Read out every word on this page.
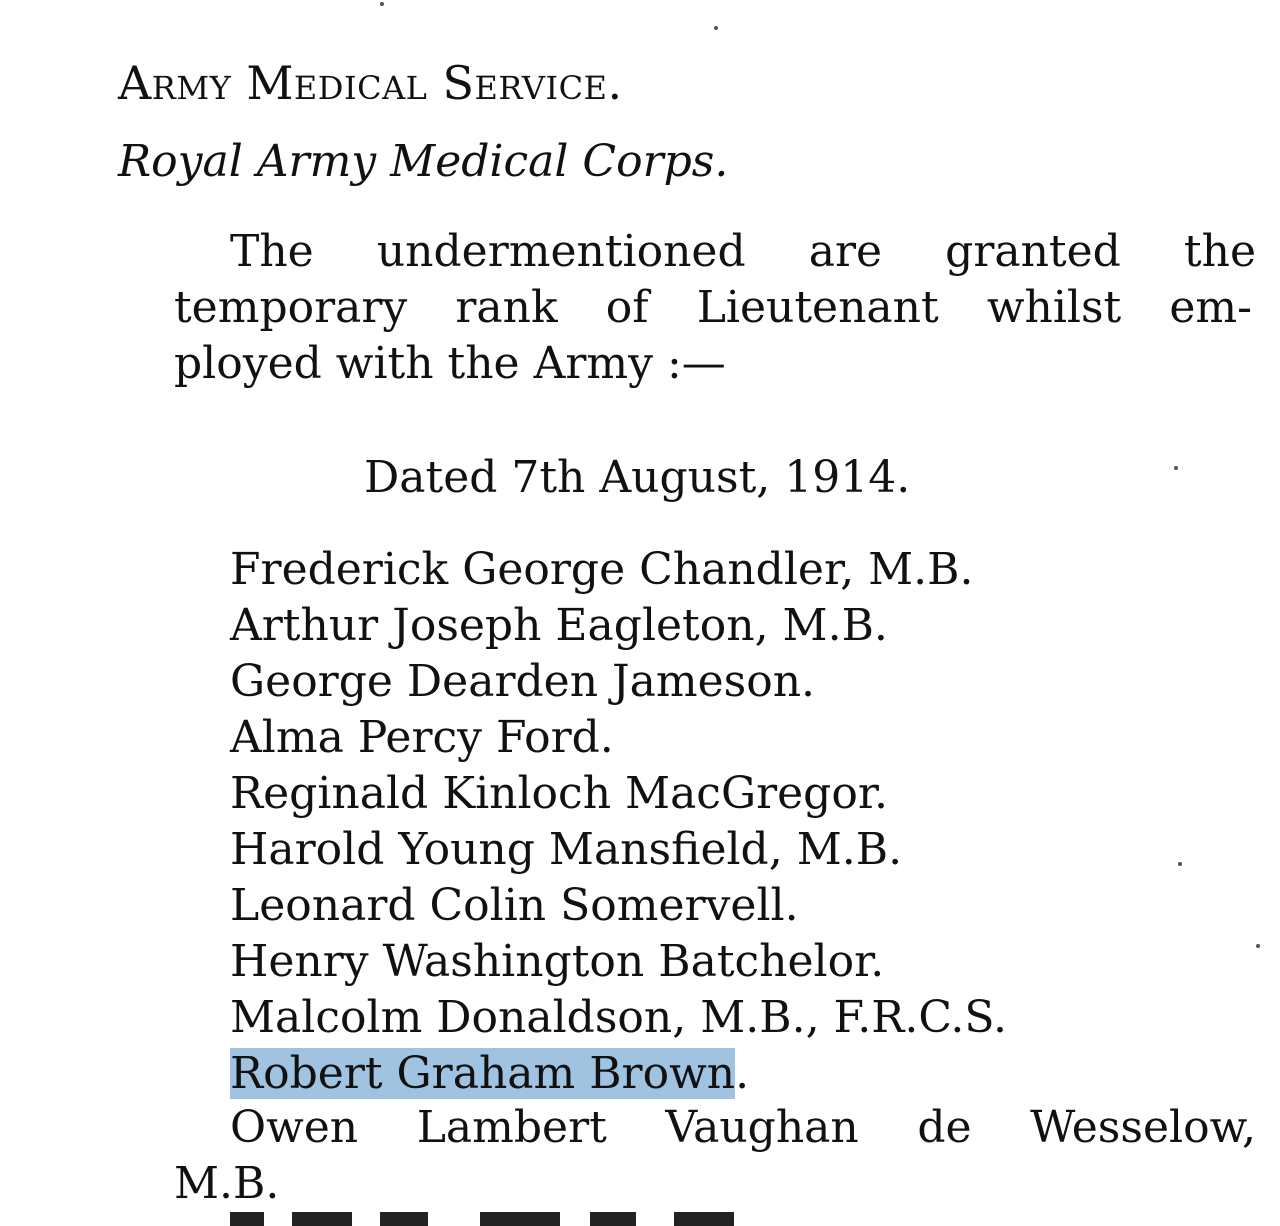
Army Medical Service.
Royal Army Medical Corps.
The undermentioned are granted the
temporary rank of Lieutenant whilst em-
ployed with the Army :—
Dated 7th August, 1914.
Frederick George Chandler, M.B.
Arthur Joseph Eagleton, M.B.
George Dearden Jameson.
Alma Percy Ford.
Reginald Kinloch MacGregor.
Harold Young Mansfield, M.B.
Leonard Colin Somervell.
Henry Washington Batchelor.
Malcolm Donaldson, M.B., F.R.C.S.
Robert Graham Brown.
Owen Lambert Vaughan de Wesselow,
M.B.
